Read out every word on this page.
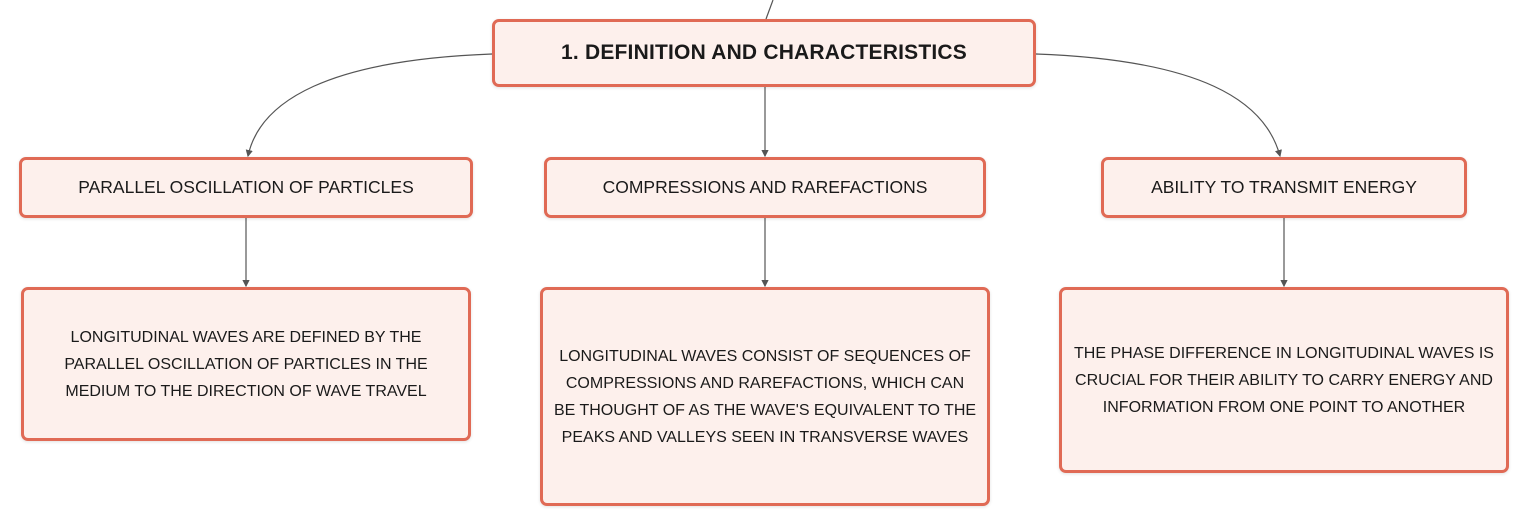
1. DEFINITION AND CHARACTERISTICS
PARALLEL OSCILLATION OF PARTICLES	COMPRESSIONS AND RAREFACTIONS	ABILITY TO TRANSMIT ENERGY
LONGITUDINAL WAVES ARE DEFINED BY THE PARALLEL OSCILLATION OF PARTICLES IN THE MEDIUM TO THE DIRECTION OF WAVE TRAVEL
LONGITUDINAL WAVES CONSIST OF SEQUENCES OF COMPRESSIONS AND RAREFACTIONS, WHICH CAN BE THOUGHT OF AS THE WAVE'S EQUIVALENT TO THE PEAKS AND VALLEYS SEEN IN TRANSVERSE WAVES
THE PHASE DIFFERENCE IN LONGITUDINAL WAVES IS CRUCIAL FOR THEIR ABILITY TO CARRY ENERGY AND INFORMATION FROM ONE POINT TO ANOTHER
